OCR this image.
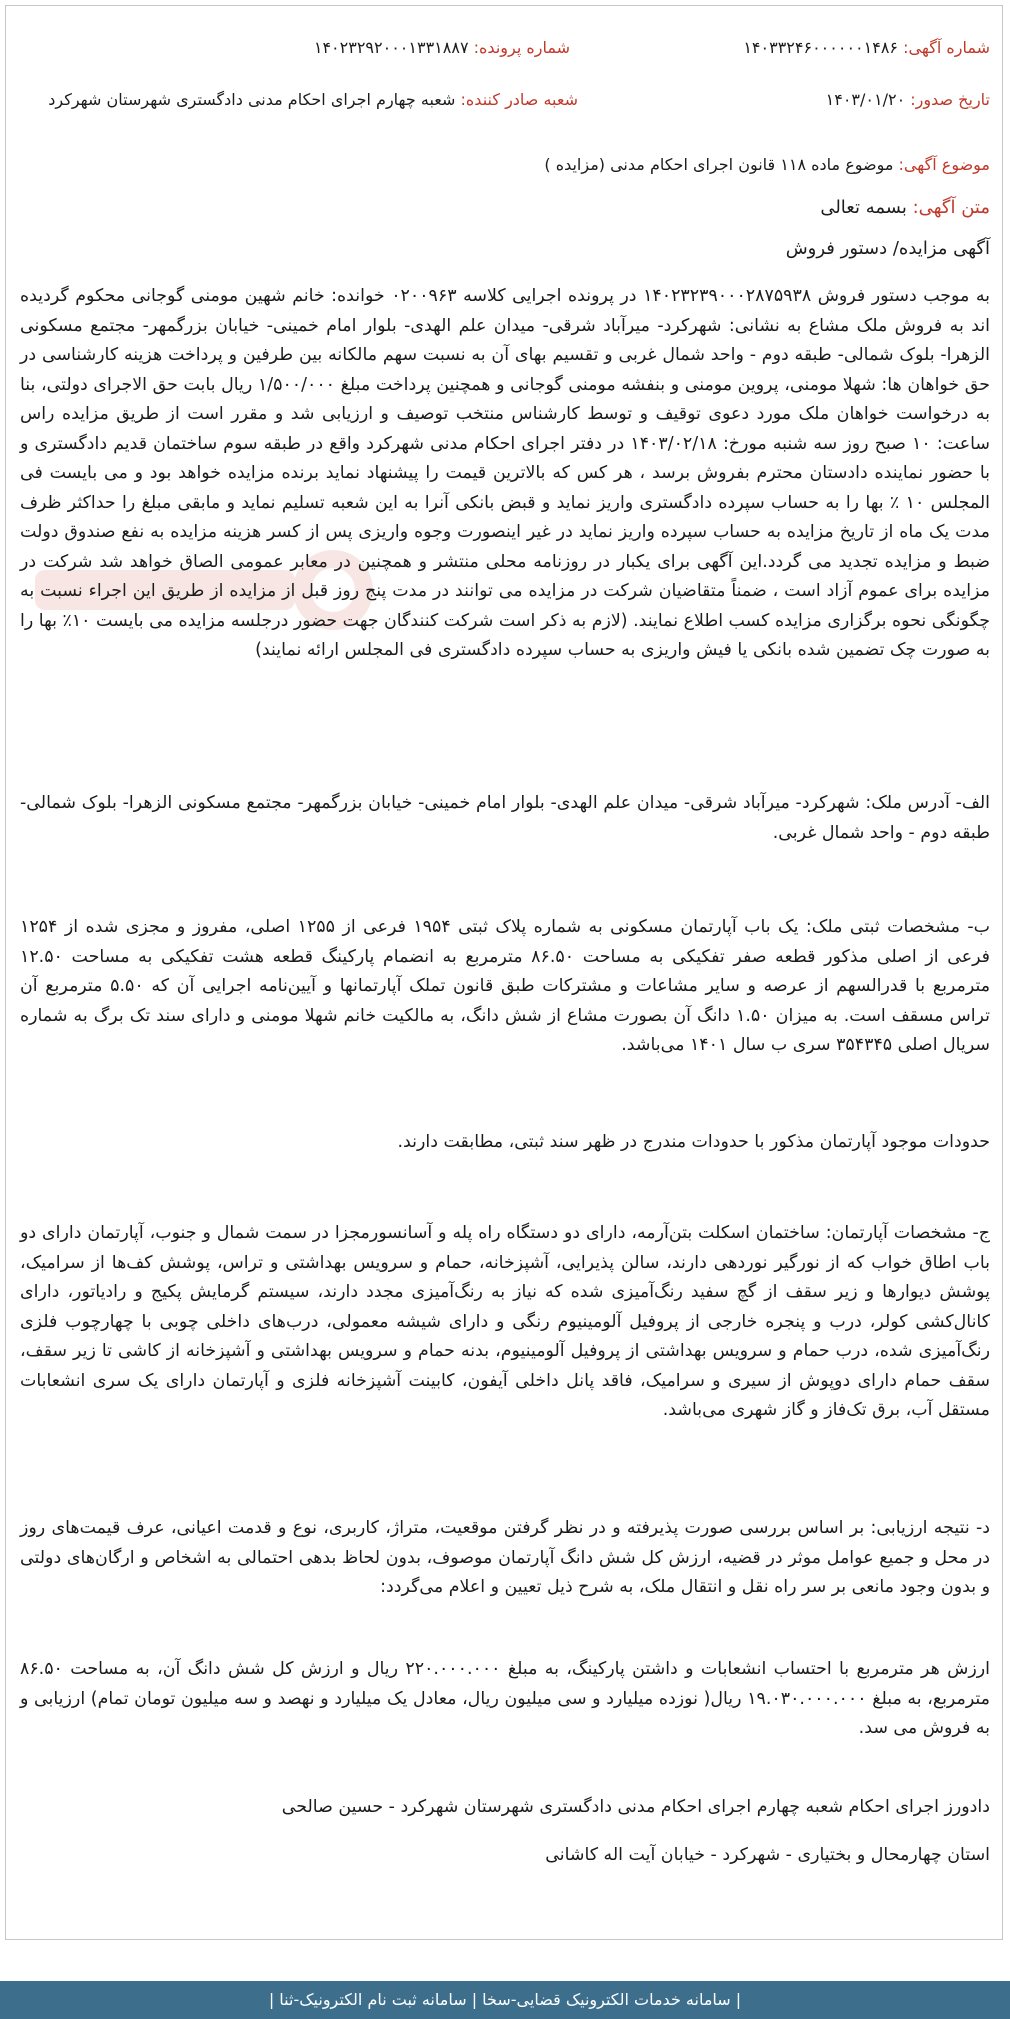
شماره آگهی: ۱۴۰۳۳۲۴۶۰۰۰۰۰۰۱۴۸۶
شماره پرونده: ۱۴۰۲۳۲۹۲۰۰۰۱۳۳۱۸۸۷
تاریخ صدور: ۱۴۰۳/۰۱/۲۰
شعبه صادر کننده: شعبه چهارم اجرای احکام مدنی دادگستری شهرستان شهرکرد
موضوع آگهی: موضوع ماده ۱۱۸ قانون اجرای احکام مدنی (مزایده )
متن آگهی: بسمه تعالی
آگهی مزایده/ دستور فروش

به موجب دستور فروش ۱۴۰۲۳۲۳۹۰۰۰۲۸۷۵۹۳۸ در پرونده اجرایی کلاسه ۰۲۰۰۹۶۳ خوانده: خانم شهین مومنی گوجانی محکوم گردیده اند به فروش ملک مشاع به نشانی: شهرکرد- میرآباد شرقی- میدان علم الهدی- بلوار امام خمینی- خیابان بزرگمهر- مجتمع مسکونی الزهرا- بلوک شمالی- طبقه دوم - واحد شمال غربی و تقسیم بهای آن به نسبت سهم مالکانه بین طرفین و پرداخت هزینه کارشناسی در حق خواهان ها: شهلا مومنی، پروین مومنی و بنفشه مومنی گوجانی و همچنین پرداخت مبلغ ۱/۵۰۰/۰۰۰ ریال بابت حق الاجرای دولتی، بنا به درخواست خواهان ملک مورد دعوی توقیف و توسط کارشناس منتخب توصیف و ارزیابی شد و مقرر است از طریق مزایده راس ساعت: ۱۰ صبح روز سه شنبه مورخ: ۱۴۰۳/۰۲/۱۸ در دفتر اجرای احکام مدنی شهرکرد واقع در طبقه سوم ساختمان قدیم دادگستری و با حضور نماینده دادستان محترم بفروش برسد ، هر کس که بالاترین قیمت را پیشنهاد نماید برنده مزایده خواهد بود و می بایست فی المجلس ۱۰ ٪ بها را به حساب سپرده دادگستری واریز نماید و قبض بانکی آنرا به این شعبه تسلیم نماید و مابقی مبلغ را حداکثر ظرف مدت یک ماه از تاریخ مزایده به حساب سپرده واریز نماید در غیر اینصورت وجوه واریزی پس از کسر هزینه مزایده به نفع صندوق دولت ضبط و مزایده تجدید می گردد.این آگهی برای یکبار در روزنامه محلی منتشر و همچنین در معابر عمومی الصاق خواهد شد شرکت در مزایده برای عموم آزاد است ، ضمناً متقاضیان شرکت در مزایده می توانند در مدت پنج روز قبل از مزایده از طریق این اجراء نسبت به چگونگی نحوه برگزاری مزایده کسب اطلاع نمایند. (لازم به ذکر است شرکت کنندگان جهت حضور درجلسه مزایده می بایست ۱۰٪ بها را به صورت چک تضمین شده بانکی یا فیش واریزی به حساب سپرده دادگستری فی المجلس ارائه نمایند)

الف- آدرس ملک: شهرکرد- میرآباد شرقی- میدان علم الهدی- بلوار امام خمینی- خیابان بزرگمهر- مجتمع مسکونی الزهرا- بلوک شمالی- طبقه دوم - واحد شمال غربی.

ب- مشخصات ثبتی ملک: یک باب آپارتمان مسکونی به شماره پلاک ثبتی ۱۹۵۴ فرعی از ۱۲۵۵ اصلی، مفروز و مجزی شده از ۱۲۵۴ فرعی از اصلی مذکور قطعه صفر تفکیکی به مساحت ۸۶.۵۰ مترمربع به انضمام پارکینگ قطعه هشت تفکیکی به مساحت ۱۲.۵۰ مترمربع با قدرالسهم از عرصه و سایر مشاعات و مشترکات طبق قانون تملک آپارتمانها و آیین‌نامه اجرایی آن که ۵.۵۰ مترمربع آن تراس مسقف است. به میزان ۱.۵۰ دانگ آن بصورت مشاع از شش دانگ، به مالکیت خانم شهلا مومنی و دارای سند تک برگ به شماره سریال اصلی ۳۵۴۳۴۵ سری ب سال ۱۴۰۱ می‌باشد.

حدودات موجود آپارتمان مذکور با حدودات مندرج در ظهر سند ثبتی، مطابقت دارند.

ج- مشخصات آپارتمان: ساختمان اسکلت بتن‌آرمه، دارای دو دستگاه راه پله و آسانسورمجزا در سمت شمال و جنوب، آپارتمان دارای دو باب اطاق خواب که از نورگیر نوردهی دارند، سالن پذیرایی، آشپزخانه، حمام و سرویس بهداشتی و تراس، پوشش کف‌ها از سرامیک، پوشش دیوارها و زیر سقف از گچ سفید رنگ‌آمیزی شده که نیاز به رنگ‌آمیزی مجدد دارند، سیستم گرمایش پکیج و رادیاتور، دارای کانال‌کشی کولر، درب و پنجره خارجی از پروفیل آلومینیوم رنگی و دارای شیشه معمولی، درب‌های داخلی چوبی با چهارچوب فلزی رنگ‌آمیزی شده، درب حمام و سرویس بهداشتی از پروفیل آلومینیوم، بدنه حمام و سرویس بهداشتی و آشپزخانه از کاشی تا زیر سقف، سقف حمام دارای دوپوش از سیری و سرامیک، فاقد پانل داخلی آیفون، کابینت آشپزخانه فلزی و آپارتمان دارای یک سری انشعابات مستقل آب، برق تک‌فاز و گاز شهری می‌باشد.

د- نتیجه ارزیابی: بر اساس بررسی صورت پذیرفته و در نظر گرفتن موقعیت، متراژ، کاربری، نوع و قدمت اعیانی، عرف قیمت‌های روز در محل و جمیع عوامل موثر در قضیه، ارزش کل شش دانگ آپارتمان موصوف، بدون لحاظ بدهی احتمالی به اشخاص و ارگان‌های دولتی و بدون وجود مانعی بر سر راه نقل و انتقال ملک، به شرح ذیل تعیین و اعلام می‌گردد:

ارزش هر مترمربع با احتساب انشعابات و داشتن پارکینگ، به مبلغ ۲۲۰.۰۰۰.۰۰۰ ریال و ارزش کل شش دانگ آن، به مساحت ۸۶.۵۰ مترمربع، به مبلغ ۱۹.۰۳۰.۰۰۰.۰۰۰ ریال( نوزده میلیارد و سی میلیون ریال، معادل یک میلیارد و نهصد و سه میلیون تومان تمام) ارزیابی و به فروش می سد.

دادورز اجرای احکام شعبه چهارم اجرای احکام مدنی دادگستری شهرستان شهرکرد - حسین صالحی
استان چهارمحال و بختیاری - شهرکرد - خیابان آیت اله کاشانی
| سامانه خدمات الکترونیک قضایی-سخا | سامانه ثبت نام الکترونیک-ثنا |
